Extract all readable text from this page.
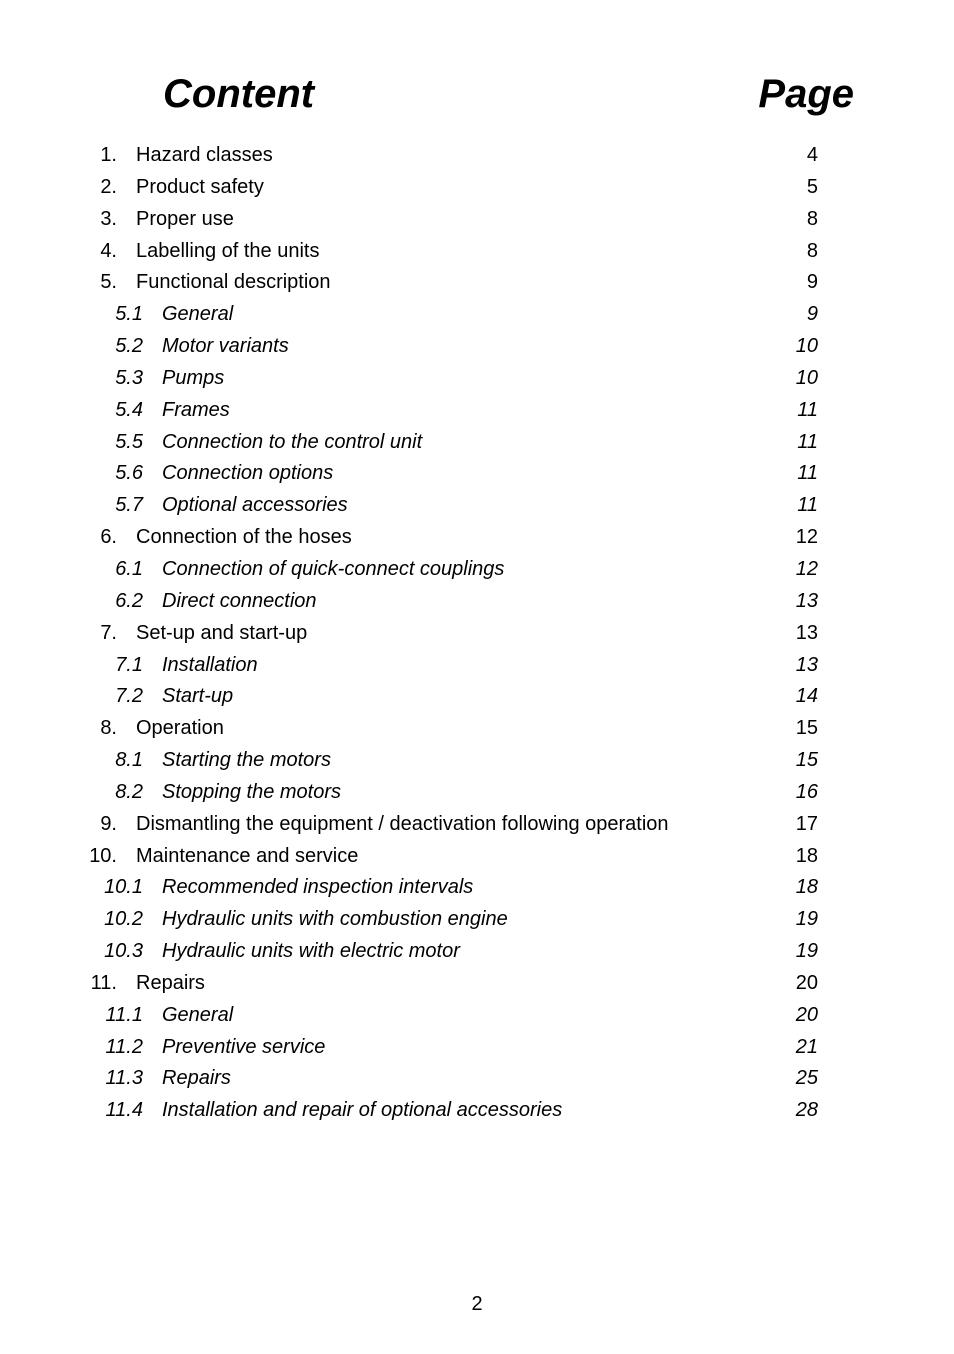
Content	Page
1. Hazard classes	4
2. Product safety	5
3. Proper use	8
4. Labelling of the units	8
5. Functional description	9
5.1 General	9
5.2 Motor variants	10
5.3 Pumps	10
5.4 Frames	11
5.5 Connection to the control unit	11
5.6 Connection options	11
5.7 Optional accessories	11
6. Connection of the hoses	12
6.1 Connection of quick-connect couplings	12
6.2 Direct connection	13
7. Set-up and start-up	13
7.1 Installation	13
7.2 Start-up	14
8. Operation	15
8.1 Starting the motors	15
8.2 Stopping the motors	16
9. Dismantling the equipment / deactivation following operation	17
10. Maintenance and service	18
10.1 Recommended inspection intervals	18
10.2 Hydraulic units with combustion engine	19
10.3 Hydraulic units with electric motor	19
11. Repairs	20
11.1 General	20
11.2 Preventive service	21
11.3 Repairs	25
11.4 Installation and repair of optional accessories	28
2
